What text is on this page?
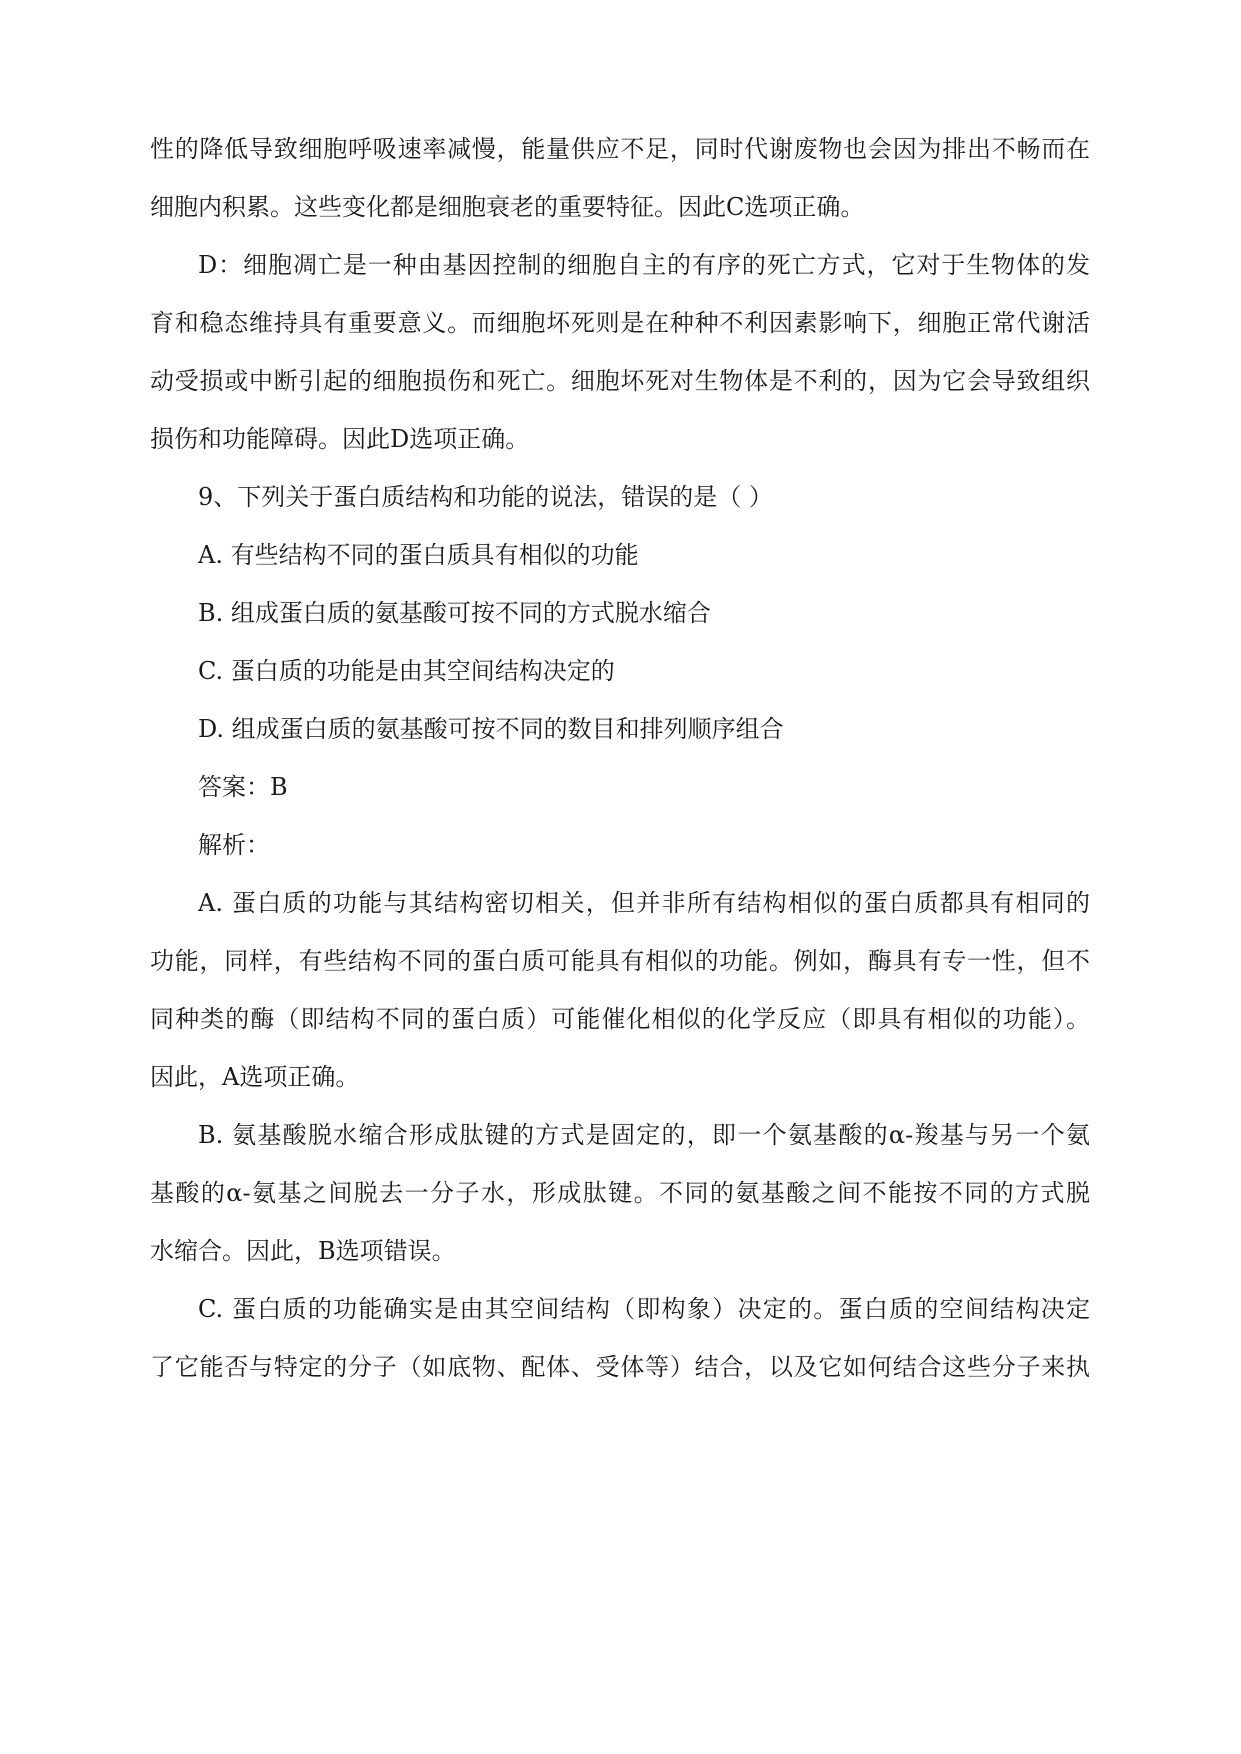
性的降低导致细胞呼吸速率减慢，能量供应不足，同时代谢废物也会因为排出不畅而在
细胞内积累。这些变化都是细胞衰老的重要特征。因此C选项正确。
D：细胞凋亡是一种由基因控制的细胞自主的有序的死亡方式，它对于生物体的发
育和稳态维持具有重要意义。而细胞坏死则是在种种不利因素影响下，细胞正常代谢活
动受损或中断引起的细胞损伤和死亡。细胞坏死对生物体是不利的，因为它会导致组织
损伤和功能障碍。因此D选项正确。
9、下列关于蛋白质结构和功能的说法，错误的是（ ）
A. 有些结构不同的蛋白质具有相似的功能
B. 组成蛋白质的氨基酸可按不同的方式脱水缩合
C. 蛋白质的功能是由其空间结构决定的
D. 组成蛋白质的氨基酸可按不同的数目和排列顺序组合
答案：B
解析：
A. 蛋白质的功能与其结构密切相关，但并非所有结构相似的蛋白质都具有相同的
功能，同样，有些结构不同的蛋白质可能具有相似的功能。例如，酶具有专一性，但不
同种类的酶（即结构不同的蛋白质）可能催化相似的化学反应（即具有相似的功能）。
因此，A选项正确。
B. 氨基酸脱水缩合形成肽键的方式是固定的，即一个氨基酸的α-羧基与另一个氨
基酸的α-氨基之间脱去一分子水，形成肽键。不同的氨基酸之间不能按不同的方式脱
水缩合。因此，B选项错误。
C. 蛋白质的功能确实是由其空间结构（即构象）决定的。蛋白质的空间结构决定
了它能否与特定的分子（如底物、配体、受体等）结合，以及它如何结合这些分子来执
